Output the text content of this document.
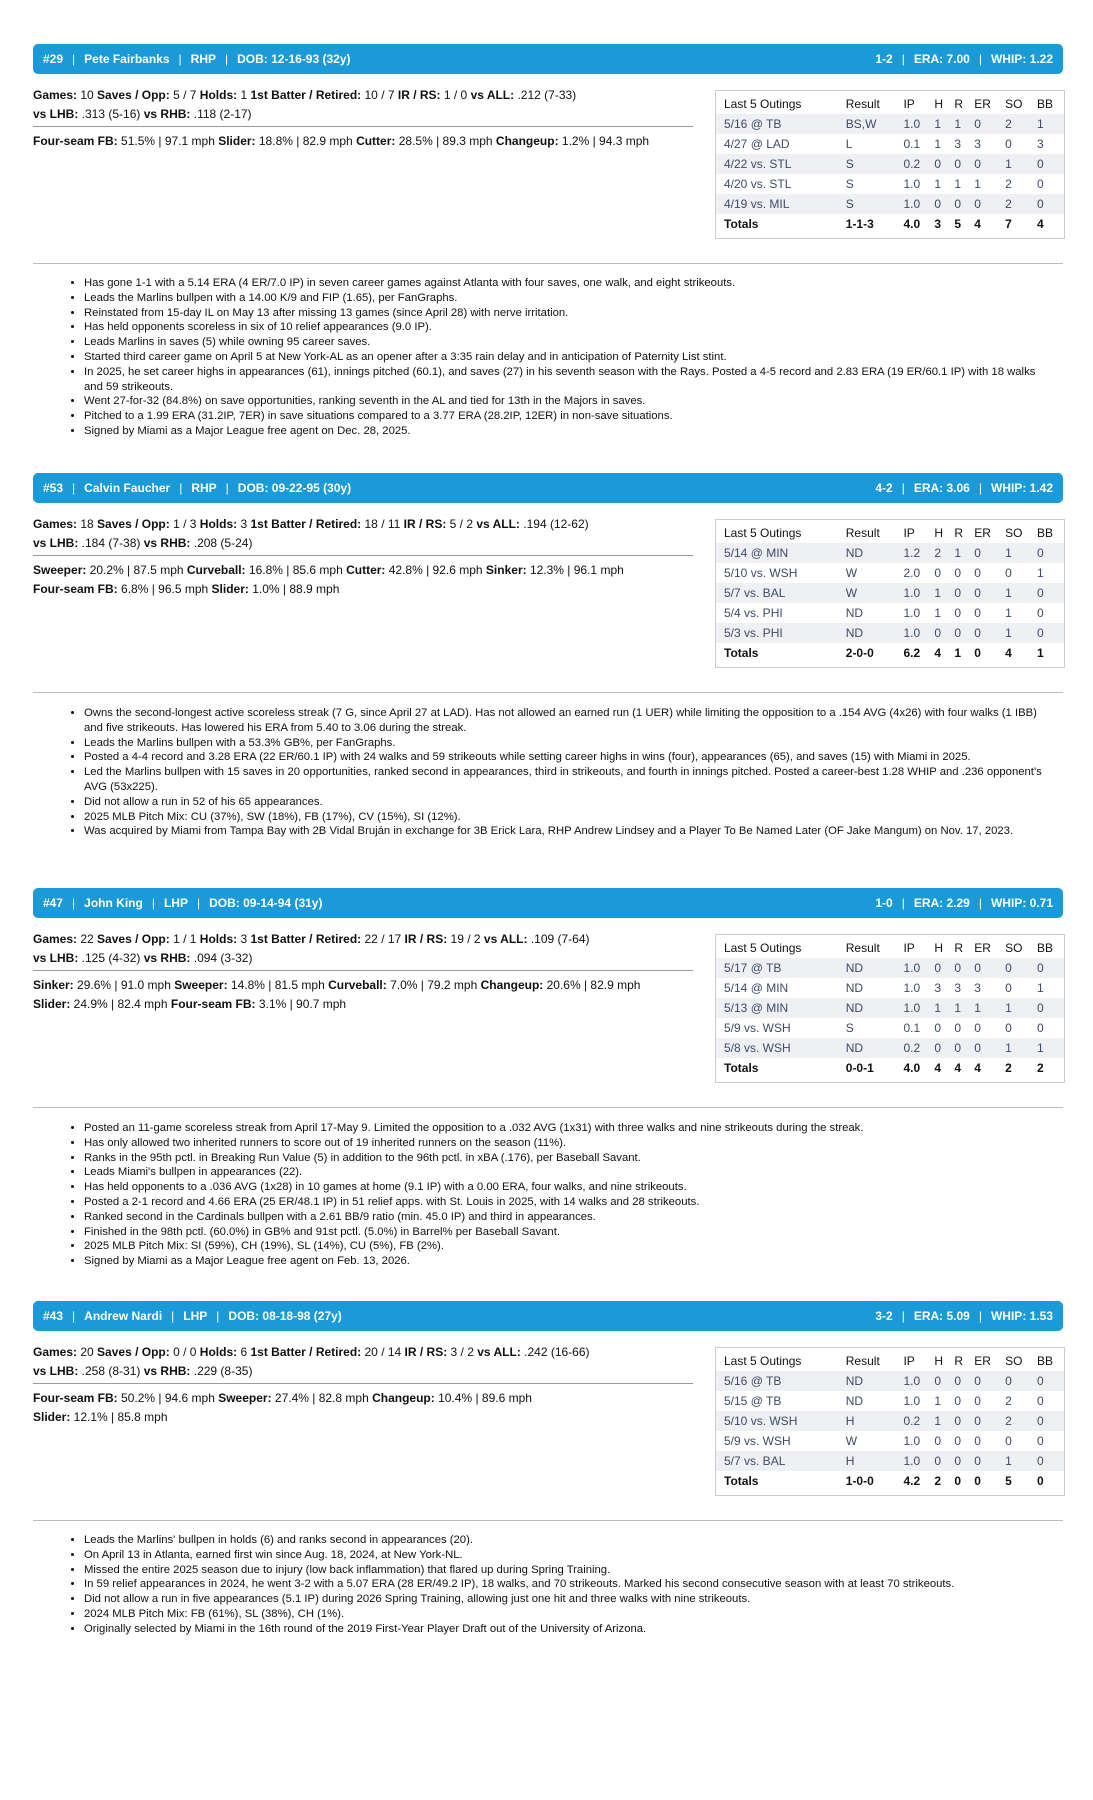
#29 | Pete Fairbanks | RHP | DOB: 12-16-93 (32y)	1-2 | ERA: 7.00 | WHIP: 1.22
Games: 10 Saves / Opp: 5 / 7 Holds: 1 1st Batter / Retired: 10 / 7 IR / RS: 1 / 0 vs ALL: .212 (7-33)
vs LHB: .313 (5-16) vs RHB: .118 (2-17)
Four-seam FB: 51.5% | 97.1 mph Slider: 18.8% | 82.9 mph Cutter: 28.5% | 89.3 mph Changeup: 1.2% | 94.3 mph
Last 5 Outings	Result	IP	H	R	ER	SO	BB
5/16 @ TB	BS,W	1.0	1	1	0	2	1
4/27 @ LAD	L	0.1	1	3	3	0	3
4/22 vs. STL	S	0.2	0	0	0	1	0
4/20 vs. STL	S	1.0	1	1	1	2	0
4/19 vs. MIL	S	1.0	0	0	0	2	0
Totals	1-1-3	4.0	3	5	4	7	4
• Has gone 1-1 with a 5.14 ERA (4 ER/7.0 IP) in seven career games against Atlanta with four saves, one walk, and eight strikeouts.
• Leads the Marlins bullpen with a 14.00 K/9 and FIP (1.65), per FanGraphs.
• Reinstated from 15-day IL on May 13 after missing 13 games (since April 28) with nerve irritation.
• Has held opponents scoreless in six of 10 relief appearances (9.0 IP).
• Leads Marlins in saves (5) while owning 95 career saves.
• Started third career game on April 5 at New York-AL as an opener after a 3:35 rain delay and in anticipation of Paternity List stint.
• In 2025, he set career highs in appearances (61), innings pitched (60.1), and saves (27) in his seventh season with the Rays. Posted a 4-5 record and 2.83 ERA (19 ER/60.1 IP) with 18 walks and 59 strikeouts.
• Went 27-for-32 (84.8%) on save opportunities, ranking seventh in the AL and tied for 13th in the Majors in saves.
• Pitched to a 1.99 ERA (31.2IP, 7ER) in save situations compared to a 3.77 ERA (28.2IP, 12ER) in non-save situations.
• Signed by Miami as a Major League free agent on Dec. 28, 2025.
#53 | Calvin Faucher | RHP | DOB: 09-22-95 (30y)	4-2 | ERA: 3.06 | WHIP: 1.42
Games: 18 Saves / Opp: 1 / 3 Holds: 3 1st Batter / Retired: 18 / 11 IR / RS: 5 / 2 vs ALL: .194 (12-62)
vs LHB: .184 (7-38) vs RHB: .208 (5-24)
Sweeper: 20.2% | 87.5 mph Curveball: 16.8% | 85.6 mph Cutter: 42.8% | 92.6 mph Sinker: 12.3% | 96.1 mph
Four-seam FB: 6.8% | 96.5 mph Slider: 1.0% | 88.9 mph
Last 5 Outings	Result	IP	H	R	ER	SO	BB
5/14 @ MIN	ND	1.2	2	1	0	1	0
5/10 vs. WSH	W	2.0	0	0	0	0	1
5/7 vs. BAL	W	1.0	1	0	0	1	0
5/4 vs. PHI	ND	1.0	1	0	0	1	0
5/3 vs. PHI	ND	1.0	0	0	0	1	0
Totals	2-0-0	6.2	4	1	0	4	1
• Owns the second-longest active scoreless streak (7 G, since April 27 at LAD). Has not allowed an earned run (1 UER) while limiting the opposition to a .154 AVG (4x26) with four walks (1 IBB) and five strikeouts. Has lowered his ERA from 5.40 to 3.06 during the streak.
• Leads the Marlins bullpen with a 53.3% GB%, per FanGraphs.
• Posted a 4-4 record and 3.28 ERA (22 ER/60.1 IP) with 24 walks and 59 strikeouts while setting career highs in wins (four), appearances (65), and saves (15) with Miami in 2025.
• Led the Marlins bullpen with 15 saves in 20 opportunities, ranked second in appearances, third in strikeouts, and fourth in innings pitched. Posted a career-best 1.28 WHIP and .236 opponent's AVG (53x225).
• Did not allow a run in 52 of his 65 appearances.
• 2025 MLB Pitch Mix: CU (37%), SW (18%), FB (17%), CV (15%), SI (12%).
• Was acquired by Miami from Tampa Bay with 2B Vidal Bruján in exchange for 3B Erick Lara, RHP Andrew Lindsey and a Player To Be Named Later (OF Jake Mangum) on Nov. 17, 2023.
#47 | John King | LHP | DOB: 09-14-94 (31y)	1-0 | ERA: 2.29 | WHIP: 0.71
Games: 22 Saves / Opp: 1 / 1 Holds: 3 1st Batter / Retired: 22 / 17 IR / RS: 19 / 2 vs ALL: .109 (7-64)
vs LHB: .125 (4-32) vs RHB: .094 (3-32)
Sinker: 29.6% | 91.0 mph Sweeper: 14.8% | 81.5 mph Curveball: 7.0% | 79.2 mph Changeup: 20.6% | 82.9 mph
Slider: 24.9% | 82.4 mph Four-seam FB: 3.1% | 90.7 mph
Last 5 Outings	Result	IP	H	R	ER	SO	BB
5/17 @ TB	ND	1.0	0	0	0	0	0
5/14 @ MIN	ND	1.0	3	3	3	0	1
5/13 @ MIN	ND	1.0	1	1	1	1	0
5/9 vs. WSH	S	0.1	0	0	0	0	0
5/8 vs. WSH	ND	0.2	0	0	0	1	1
Totals	0-0-1	4.0	4	4	4	2	2
• Posted an 11-game scoreless streak from April 17-May 9. Limited the opposition to a .032 AVG (1x31) with three walks and nine strikeouts during the streak.
• Has only allowed two inherited runners to score out of 19 inherited runners on the season (11%).
• Ranks in the 95th pctl. in Breaking Run Value (5) in addition to the 96th pctl. in xBA (.176), per Baseball Savant.
• Leads Miami's bullpen in appearances (22).
• Has held opponents to a .036 AVG (1x28) in 10 games at home (9.1 IP) with a 0.00 ERA, four walks, and nine strikeouts.
• Posted a 2-1 record and 4.66 ERA (25 ER/48.1 IP) in 51 relief apps. with St. Louis in 2025, with 14 walks and 28 strikeouts.
• Ranked second in the Cardinals bullpen with a 2.61 BB/9 ratio (min. 45.0 IP) and third in appearances.
• Finished in the 98th pctl. (60.0%) in GB% and 91st pctl. (5.0%) in Barrel% per Baseball Savant.
• 2025 MLB Pitch Mix: SI (59%), CH (19%), SL (14%), CU (5%), FB (2%).
• Signed by Miami as a Major League free agent on Feb. 13, 2026.
#43 | Andrew Nardi | LHP | DOB: 08-18-98 (27y)	3-2 | ERA: 5.09 | WHIP: 1.53
Games: 20 Saves / Opp: 0 / 0 Holds: 6 1st Batter / Retired: 20 / 14 IR / RS: 3 / 2 vs ALL: .242 (16-66)
vs LHB: .258 (8-31) vs RHB: .229 (8-35)
Four-seam FB: 50.2% | 94.6 mph Sweeper: 27.4% | 82.8 mph Changeup: 10.4% | 89.6 mph
Slider: 12.1% | 85.8 mph
Last 5 Outings	Result	IP	H	R	ER	SO	BB
5/16 @ TB	ND	1.0	0	0	0	0	0
5/15 @ TB	ND	1.0	1	0	0	2	0
5/10 vs. WSH	H	0.2	1	0	0	2	0
5/9 vs. WSH	W	1.0	0	0	0	0	0
5/7 vs. BAL	H	1.0	0	0	0	1	0
Totals	1-0-0	4.2	2	0	0	5	0
• Leads the Marlins' bullpen in holds (6) and ranks second in appearances (20).
• On April 13 in Atlanta, earned first win since Aug. 18, 2024, at New York-NL.
• Missed the entire 2025 season due to injury (low back inflammation) that flared up during Spring Training.
• In 59 relief appearances in 2024, he went 3-2 with a 5.07 ERA (28 ER/49.2 IP), 18 walks, and 70 strikeouts. Marked his second consecutive season with at least 70 strikeouts.
• Did not allow a run in five appearances (5.1 IP) during 2026 Spring Training, allowing just one hit and three walks with nine strikeouts.
• 2024 MLB Pitch Mix: FB (61%), SL (38%), CH (1%).
• Originally selected by Miami in the 16th round of the 2019 First-Year Player Draft out of the University of Arizona.
